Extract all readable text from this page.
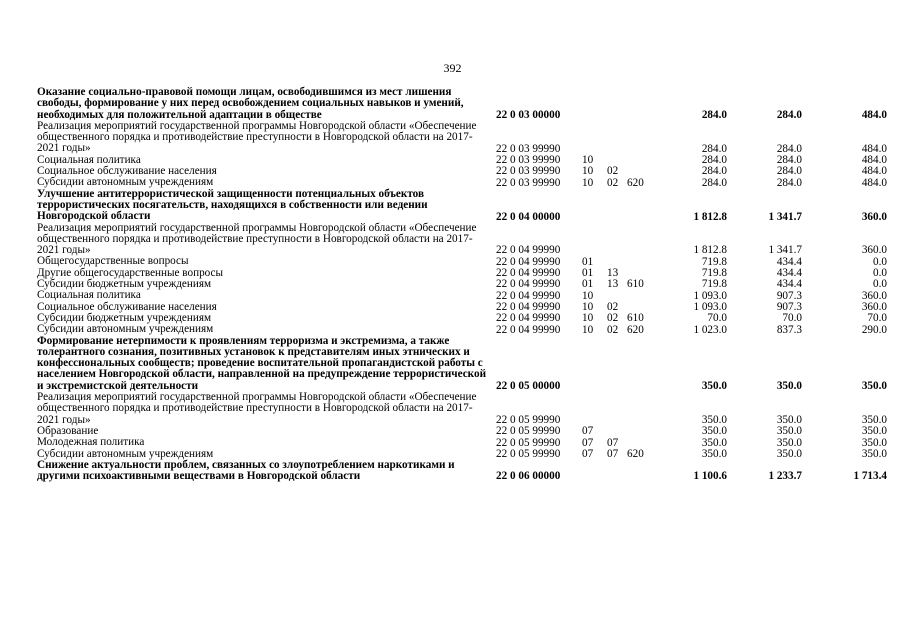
392
Оказание социально-правовой помощи лицам, освободившимся из мест лишения свободы, формирование у них перед освобождением социальных навыков и умений, необходимых для положительной адаптации в обществе	22 0 03 00000	284.0	284.0	484.0
Реализация мероприятий государственной программы Новгородской области «Обеспечение общественного порядка и противодействие преступности в Новгородской области на 2017-2021 годы»	22 0 03 99990	284.0	284.0	484.0
Социальная политика	22 0 03 99990 10	284.0	284.0	484.0
Социальное обслуживание населения	22 0 03 99990 10 02	284.0	284.0	484.0
Субсидии автономным учреждениям	22 0 03 99990 10 02 620	284.0	284.0	484.0
Улучшение антитеррористической защищенности потенциальных объектов террористических посягательств, находящихся в собственности или ведении Новгородской области	22 0 04 00000	1 812.8	1 341.7	360.0
Реализация мероприятий государственной программы Новгородской области «Обеспечение общественного порядка и противодействие преступности в Новгородской области на 2017-2021 годы»	22 0 04 99990	1 812.8	1 341.7	360.0
Общегосударственные вопросы	22 0 04 99990 01	719.8	434.4	0.0
Другие общегосударственные вопросы	22 0 04 99990 01 13	719.8	434.4	0.0
Субсидии бюджетным учреждениям	22 0 04 99990 01 13 610	719.8	434.4	0.0
Социальная политика	22 0 04 99990 10	1 093.0	907.3	360.0
Социальное обслуживание населения	22 0 04 99990 10 02	1 093.0	907.3	360.0
Субсидии бюджетным учреждениям	22 0 04 99990 10 02 610	70.0	70.0	70.0
Субсидии автономным учреждениям	22 0 04 99990 10 02 620	1 023.0	837.3	290.0
Формирование нетерпимости к проявлениям терроризма и экстремизма, а также толерантного сознания, позитивных установок к представителям иных этнических и конфессиональных сообществ; проведение воспитательной пропагандистской работы с населением Новгородской области, направленной на предупреждение террористической и экстремистской деятельности	22 0 05 00000	350.0	350.0	350.0
Реализация мероприятий государственной программы Новгородской области «Обеспечение общественного порядка и противодействие преступности в Новгородской области на 2017-2021 годы»	22 0 05 99990	350.0	350.0	350.0
Образование	22 0 05 99990 07	350.0	350.0	350.0
Молодежная политика	22 0 05 99990 07 07	350.0	350.0	350.0
Субсидии автономным учреждениям	22 0 05 99990 07 07 620	350.0	350.0	350.0
Снижение актуальности проблем, связанных со злоупотреблением наркотиками и другими психоактивными веществами в Новгородской области	22 0 06 00000	1 100.6	1 233.7	1 713.4
